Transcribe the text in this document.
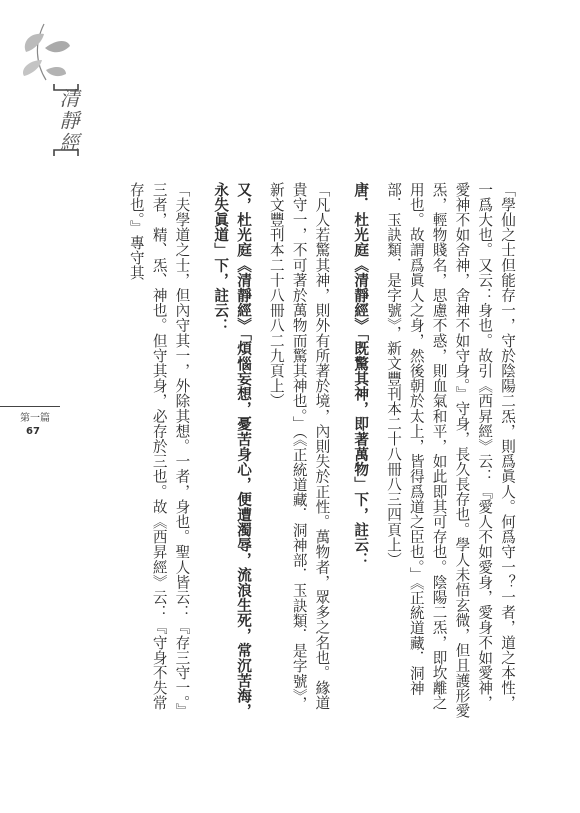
清靜經
第一篇
67	「學仙之士但能存一，守於陰陽二炁，則爲眞人。何爲守一？一者，道之本性，一爲大也。又云：身也。故引《西昇經》云：『愛人不如愛身，愛身不如愛神，愛神不如舍神，舍神不如守身。』守身，長久長存也。學人未悟玄微，但且護形愛炁，輕物賤名，思慮不惑，則血氣和平，如此即其可存也。陰陽二炁，即坎離之用也。故謂爲眞人之身，然後朝於太上，皆得爲道之臣也。」《正統道藏．洞神部．玉訣類．是字號》，新文豐刊本二十八冊八三四頁上）
唐．杜光庭《清靜經》「既驚其神，即著萬物」下，註云：
「凡人若驚其神，則外有所著於境，內則失於正性。萬物者，眾多之名也。緣道貴守一，不可著於萬物而驚其神也。」（《正統道藏．洞神部．玉訣類．是字號》，新文豐刊本二十八冊八二九頁上）
又，杜光庭《清靜經》「煩惱妄想，憂苦身心，便遭濁辱，流浪生死，常沉苦海，永失眞道」下，註云：
「夫學道之士，但內守其一，外除其想。一者，身也。聖人皆云：『存三守一。』三者，精、炁、神也。但守其身，必存於三也。故《西昇經》云：『守身不失常存也。』專守其
